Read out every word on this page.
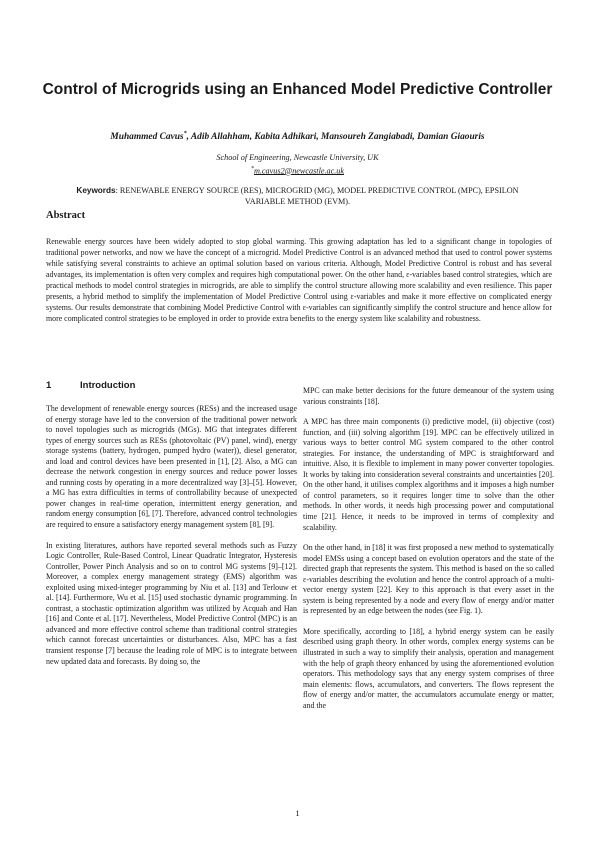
Control of Microgrids using an Enhanced Model Predictive Controller
Muhammed Cavus*, Adib Allahham, Kabita Adhikari, Mansoureh Zangiabadi, Damian Giaouris
School of Engineering, Newcastle University, UK
*m.cavus2@newcastle.ac.uk
Keywords: RENEWABLE ENERGY SOURCE (RES), MICROGRID (MG), MODEL PREDICTIVE CONTROL (MPC), EPSILON VARIABLE METHOD (EVM).
Abstract
Renewable energy sources have been widely adopted to stop global warming. This growing adaptation has led to a significant change in topologies of traditional power networks, and now we have the concept of a microgrid. Model Predictive Control is an advanced method that used to control power systems while satisfying several constraints to achieve an optimal solution based on various criteria. Although, Model Predictive Control is robust and has several advantages, its implementation is often very complex and requires high computational power. On the other hand, ε-variables based control strategies, which are practical methods to model control strategies in microgrids, are able to simplify the control structure allowing more scalability and even resilience. This paper presents, a hybrid method to simplify the implementation of Model Predictive Control using ε-variables and make it more effective on complicated energy systems. Our results demonstrate that combining Model Predictive Control with ε-variables can significantly simplify the control structure and hence allow for more complicated control strategies to be employed in order to provide extra benefits to the energy system like scalability and robustness.
1	Introduction

The development of renewable energy sources (RESs) and the increased usage of energy storage have led to the conversion of the traditional power network to novel topologies such as microgrids (MGs). MG that integrates different types of energy sources such as RESs (photovoltaic (PV) panel, wind), energy storage systems (battery, hydrogen, pumped hydro (water)), diesel generator, and load and control devices have been presented in [1], [2]. Also, a MG can decrease the network congestion in energy sources and reduce power losses and running costs by operating in a more decentralized way [3]–[5]. However, a MG has extra difficulties in terms of controllability because of unexpected power changes in real-time operation, intermittent energy generation, and random energy consumption [6], [7]. Therefore, advanced control technologies are required to ensure a satisfactory energy management system [8], [9].

In existing literatures, authors have reported several methods such as Fuzzy Logic Controller, Rule-Based Control, Linear Quadratic Integrator, Hysteresis Controller, Power Pinch Analysis and so on to control MG systems [9]–[12]. Moreover, a complex energy management strategy (EMS) algorithm was exploited using mixed-integer programming by Niu et al. [13] and Terlouw et al. [14]. Furthermore, Wu et al. [15] used stochastic dynamic programming. In contrast, a stochastic optimization algorithm was utilized by Acquah and Han [16] and Conte et al. [17]. Nevertheless, Model Predictive Control (MPC) is an advanced and more effective control scheme than traditional control strategies which cannot forecast uncertainties or disturbances. Also, MPC has a fast transient response [7] because the leading role of MPC is to integrate between new updated data and forecasts. By doing so, the

MPC can make better decisions for the future demeanour of the system using various constraints [18].

A MPC has three main components (i) predictive model, (ii) objective (cost) function, and (iii) solving algorithm [19]. MPC can be effectively utilized in various ways to better control MG system compared to the other control strategies. For instance, the understanding of MPC is straightforward and intuitive. Also, it is flexible to implement in many power converter topologies. It works by taking into consideration several constraints and uncertainties [20]. On the other hand, it utilises complex algorithms and it imposes a high number of control parameters, so it requires longer time to solve than the other methods. In other words, it needs high processing power and computational time [21]. Hence, it needs to be improved in terms of complexity and scalability.

On the other hand, in [18] it was first proposed a new method to systematically model EMSs using a concept based on evolution operators and the state of the directed graph that represents the system. This method is based on the so called ε-variables describing the evolution and hence the control approach of a multi-vector energy system [22]. Key to this approach is that every asset in the system is being represented by a node and every flow of energy and/or matter is represented by an edge between the nodes (see Fig. 1).

More specifically, according to [18], a hybrid energy system can be easily described using graph theory. In other words, complex energy systems can be illustrated in such a way to simplify their analysis, operation and management with the help of graph theory enhanced by using the aforementioned evolution operators. This methodology says that any energy system comprises of three main elements: flows, accumulators, and converters. The flows represent the flow of energy and/or matter, the accumulators accumulate energy or matter, and the

1
